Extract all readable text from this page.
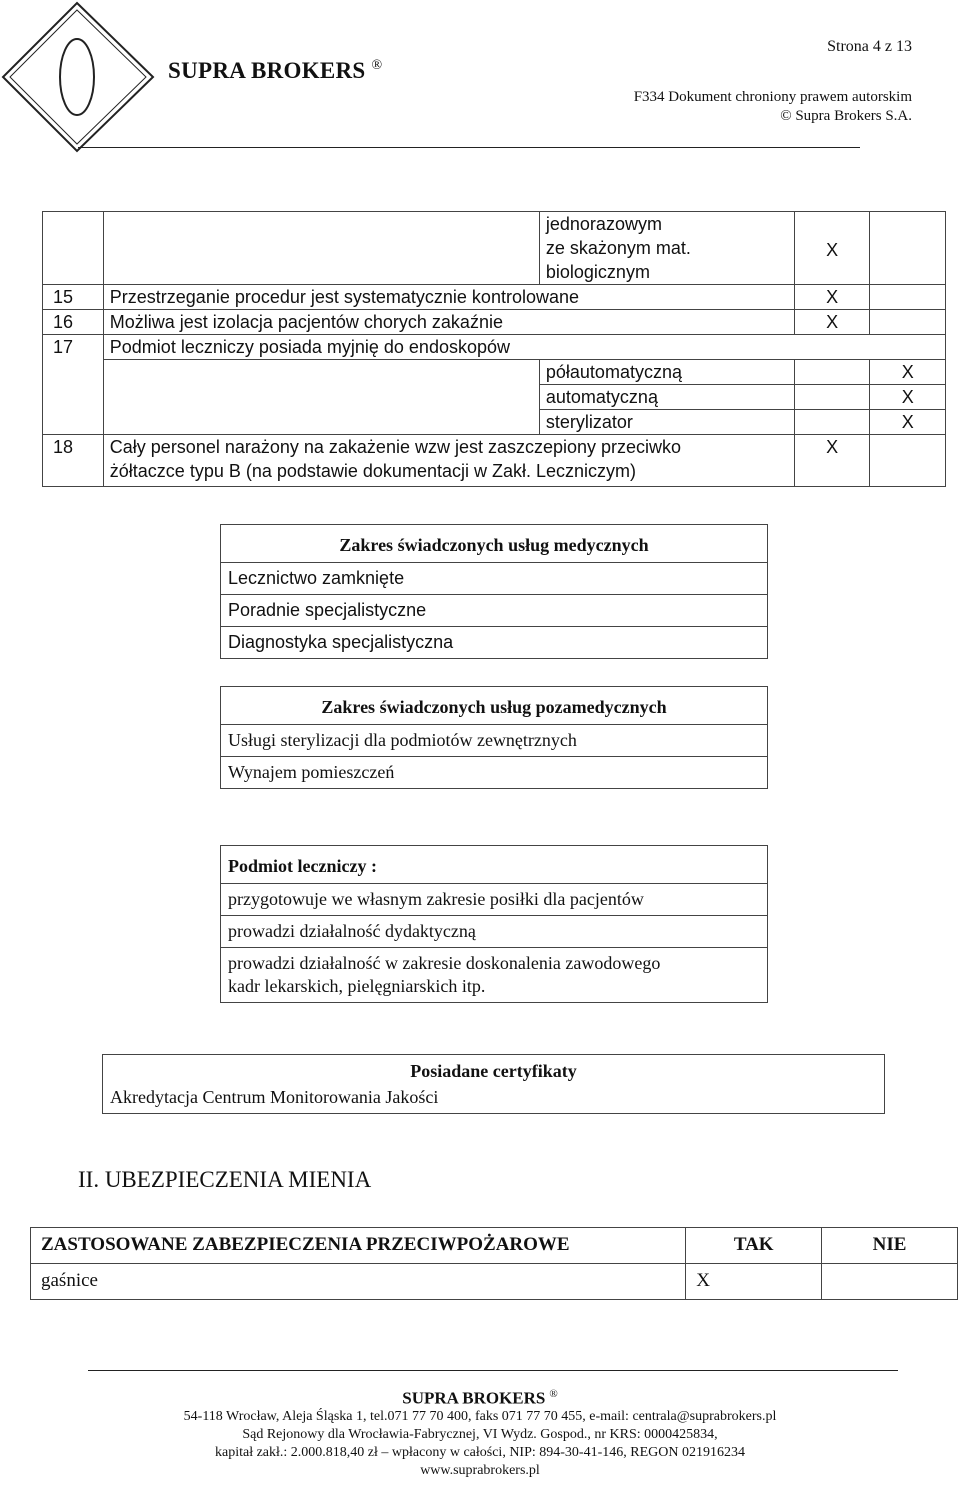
SUPRA BROKERS ®
Strona 4 z 13
F334 Dokument chroniony prawem autorskim
© Supra Brokers S.A.

		jednorazowym
ze skażonym mat.
biologicznym	X	
15	Przestrzeganie procedur jest systematycznie kontrolowane		X	
16	Możliwa jest izolacja pacjentów chorych zakaźnie		X	
17	Podmiot leczniczy posiada myjnię do endoskopów			
		półautomatyczną		X
		automatyczną		X
		sterylizator		X
18	Cały personel narażony na zakażenie wzw jest zaszczepiony przeciwko
żółtaczce typu B (na podstawie dokumentacji w Zakł. Leczniczym)		X	
Zakres świadczonych usług medycznych
Lecznictwo zamknięte
Poradnie specjalistyczne
Diagnostyka specjalistyczna
Zakres świadczonych usług pozamedycznych
Usługi sterylizacji dla podmiotów zewnętrznych
Wynajem pomieszczeń
Podmiot leczniczy :
przygotowuje we własnym zakresie posiłki dla pacjentów
prowadzi działalność dydaktyczną
prowadzi działalność w zakresie doskonalenia zawodowego
kadr lekarskich, pielęgniarskich itp.
Posiadane certyfikaty
Akredytacja Centrum Monitorowania Jakości
II. UBEZPIECZENIA MIENIA
ZASTOSOWANE ZABEZPIECZENIA PRZECIWPOŻAROWE	TAK	NIE
gaśnice	X	
SUPRA BROKERS ®
54-118 Wrocław, Aleja Śląska 1, tel.071 77 70 400, faks 071 77 70 455, e-mail: centrala@suprabrokers.pl
Sąd Rejonowy dla Wrocławia-Fabrycznej, VI Wydz. Gospod., nr KRS: 0000425834,
kapitał zakł.: 2.000.818,40 zł – wpłacony w całości, NIP: 894-30-41-146, REGON 021916234
www.suprabrokers.pl
